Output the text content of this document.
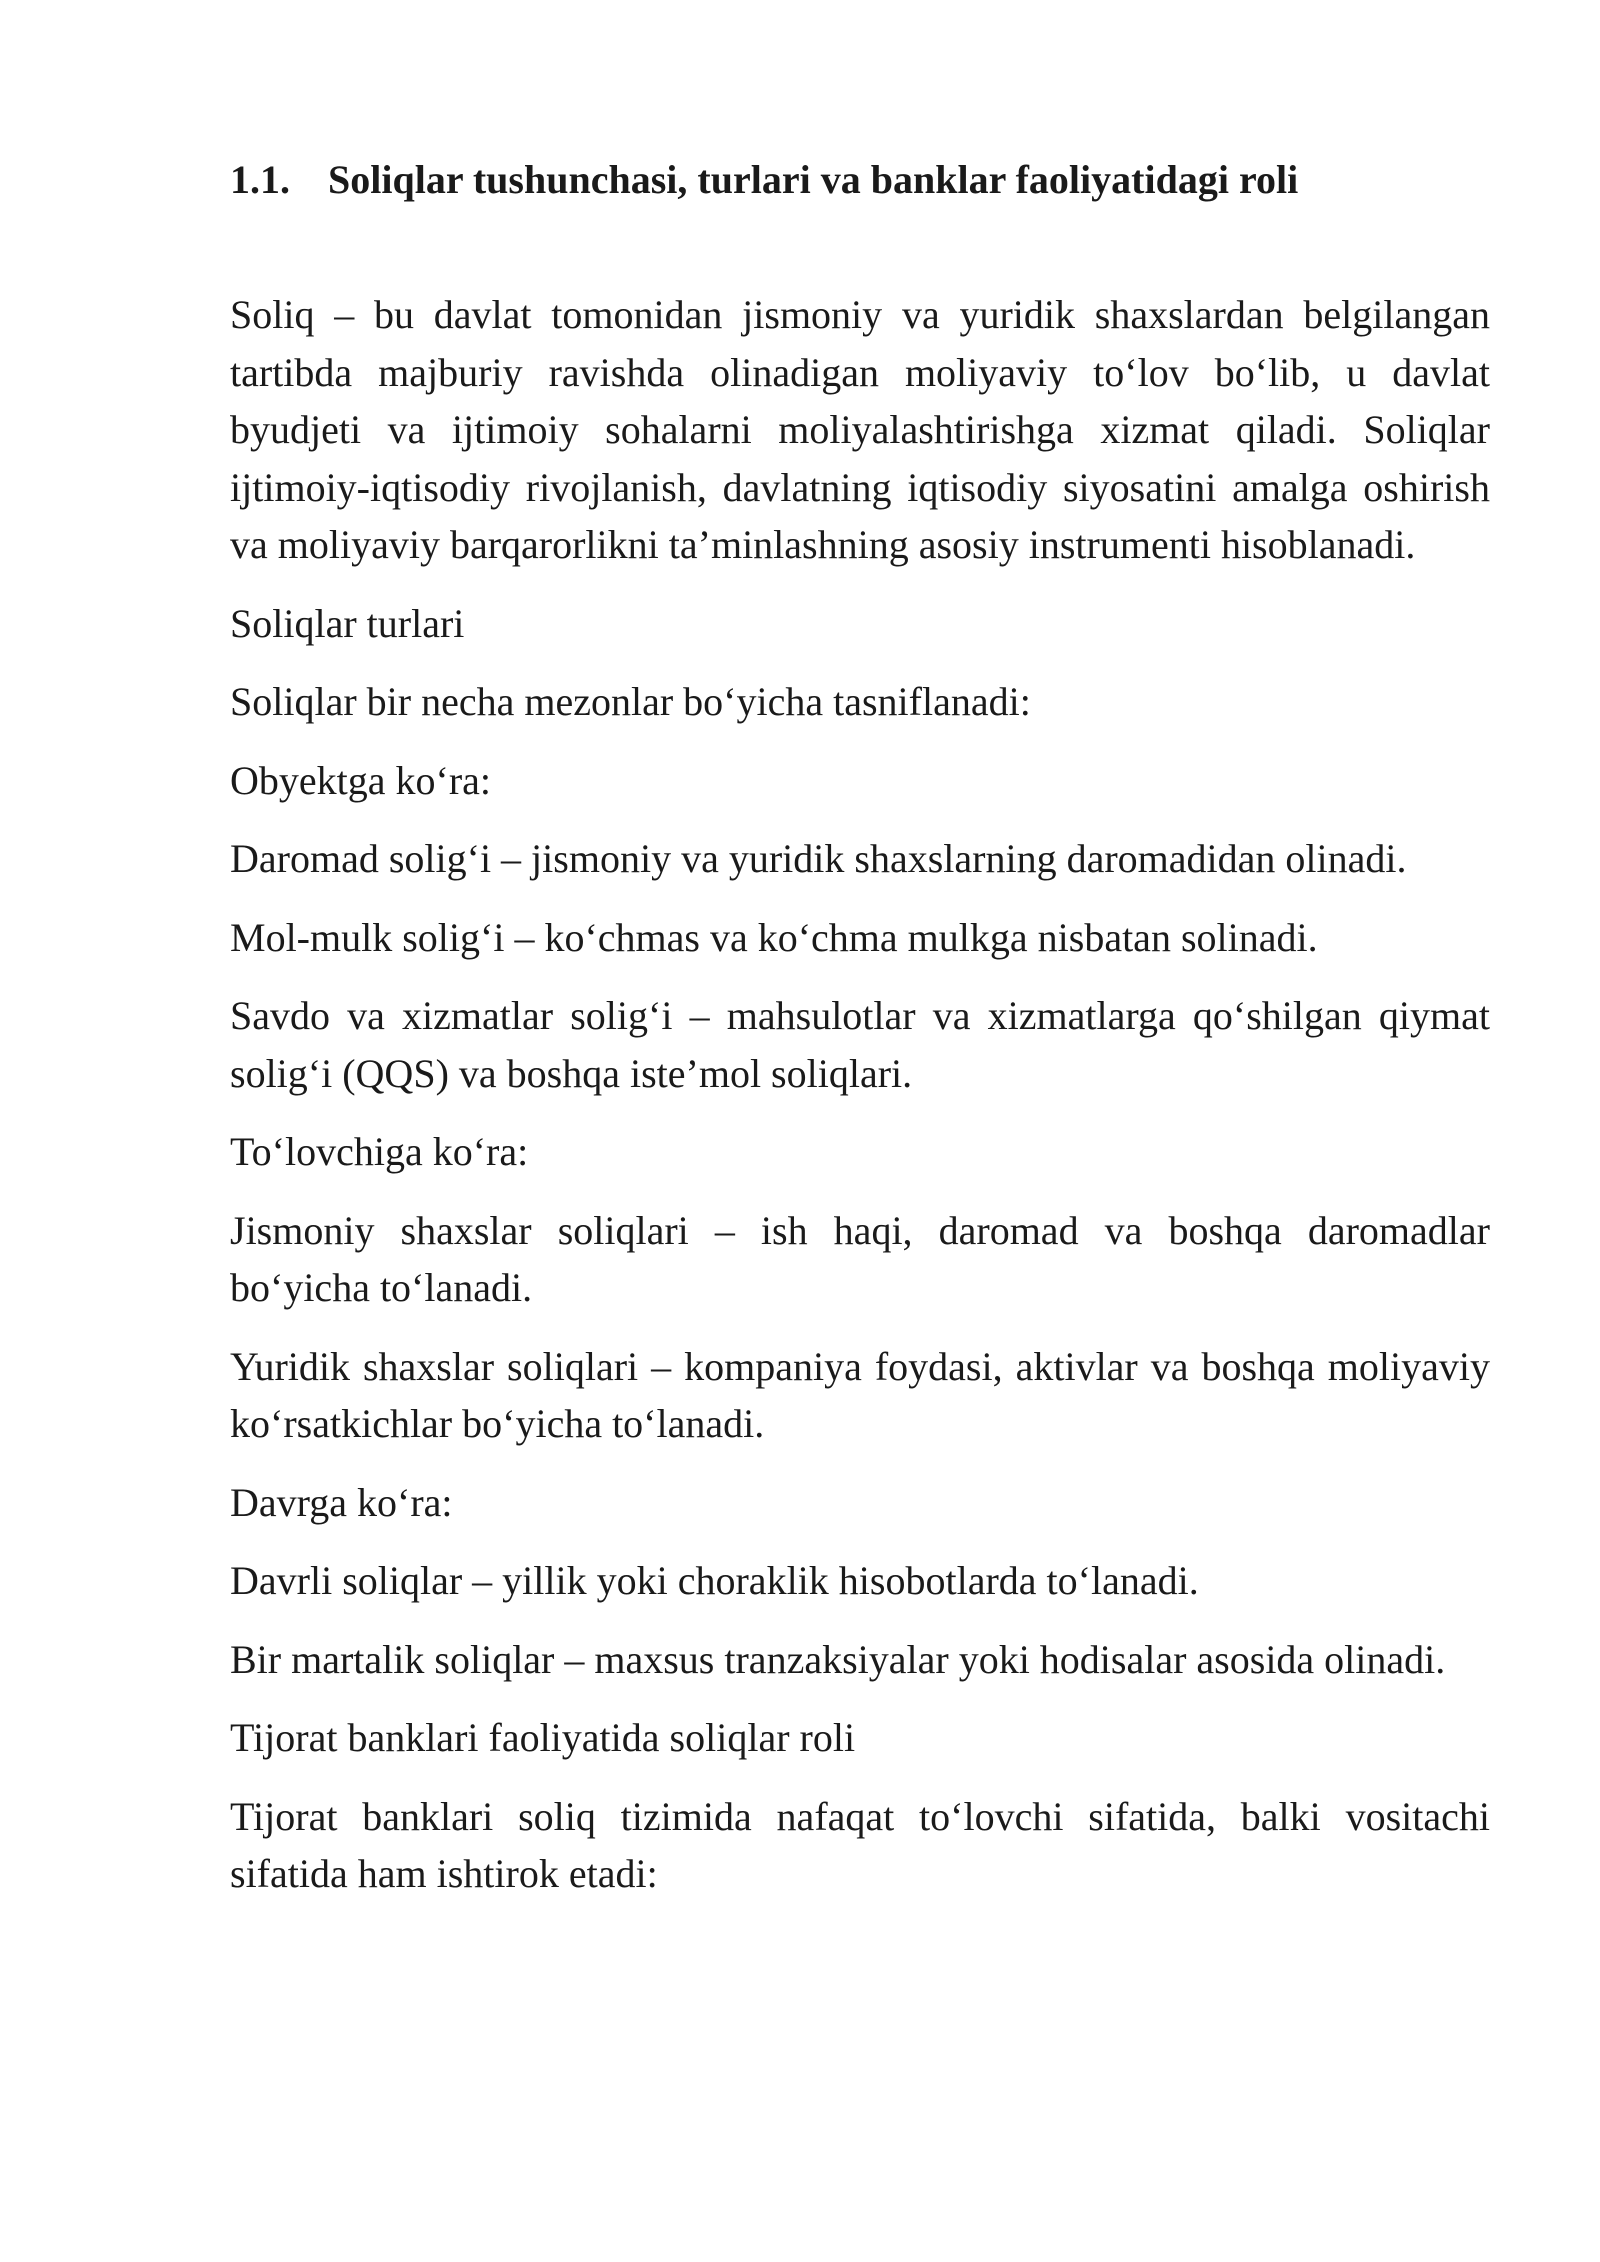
1.1. Soliqlar tushunchasi, turlari va banklar faoliyatidagi roli

Soliq – bu davlat tomonidan jismoniy va yuridik shaxslardan belgilangan tartibda majburiy ravishda olinadigan moliyaviy to‘lov bo‘lib, u davlat byudjeti va ijtimoiy sohalarni moliyalashtirishga xizmat qiladi. Soliqlar ijtimoiy-iqtisodiy rivojlanish, davlatning iqtisodiy siyosatini amalga oshirish va moliyaviy barqarorlikni ta’minlashning asosiy instrumenti hisoblanadi.

Soliqlar turlari

Soliqlar bir necha mezonlar bo‘yicha tasniflanadi:

Obyektga ko‘ra:

Daromad solig‘i – jismoniy va yuridik shaxslarning daromadidan olinadi.

Mol-mulk solig‘i – ko‘chmas va ko‘chma mulkga nisbatan solinadi.

Savdo va xizmatlar solig‘i – mahsulotlar va xizmatlarga qo‘shilgan qiymat solig‘i (QQS) va boshqa iste’mol soliqlari.

To‘lovchiga ko‘ra:

Jismoniy shaxslar soliqlari – ish haqi, daromad va boshqa daromadlar bo‘yicha to‘lanadi.

Yuridik shaxslar soliqlari – kompaniya foydasi, aktivlar va boshqa moliyaviy ko‘rsatkichlar bo‘yicha to‘lanadi.

Davrga ko‘ra:

Davrli soliqlar – yillik yoki choraklik hisobotlarda to‘lanadi.

Bir martalik soliqlar – maxsus tranzaksiyalar yoki hodisalar asosida olinadi.

Tijorat banklari faoliyatida soliqlar roli

Tijorat banklari soliq tizimida nafaqat to‘lovchi sifatida, balki vositachi sifatida ham ishtirok etadi:
